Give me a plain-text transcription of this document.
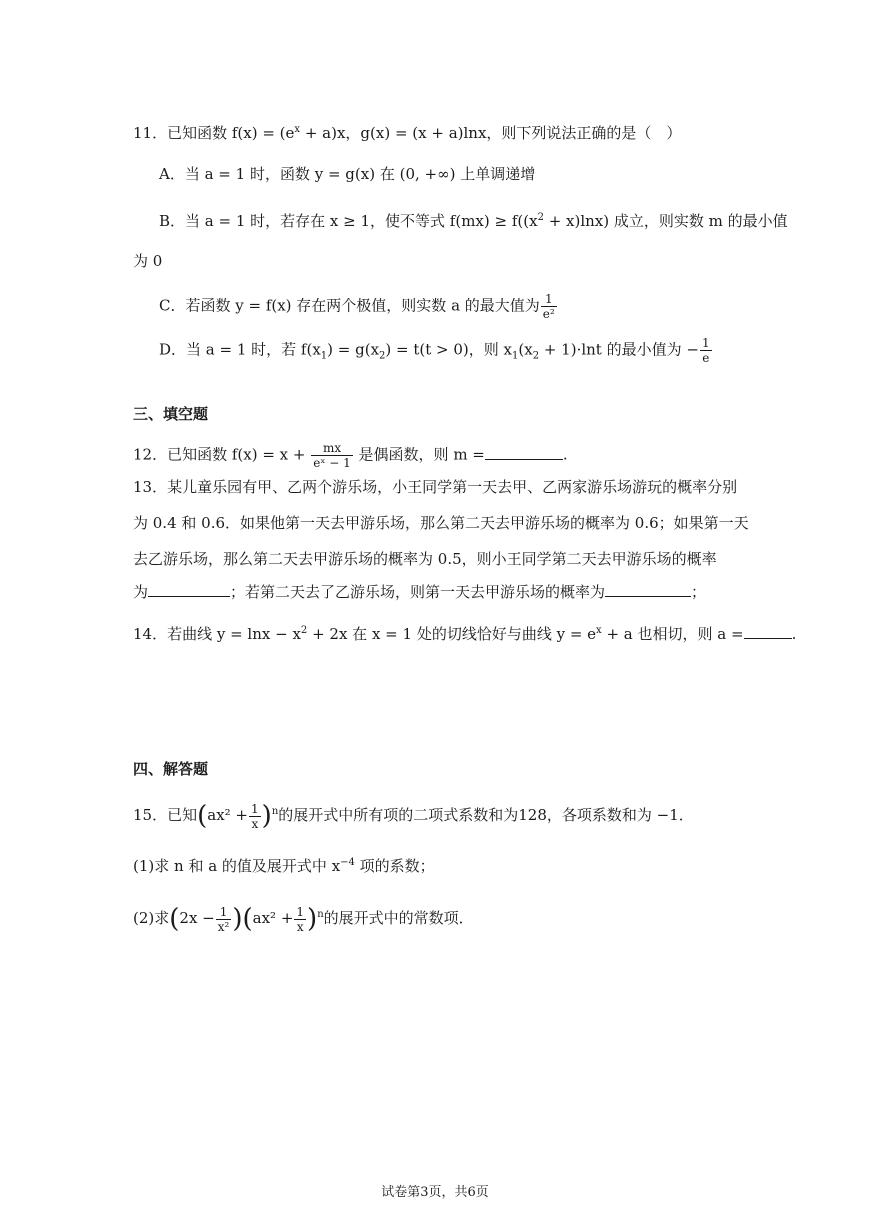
11．已知函数 $f(x) = (e^x + a)x$，g(x) = (x + a)lnx，则下列说法正确的是（　）
A．当 a = 1 时，函数 y = g(x) 在 (0, +∞) 上单调递增
B．当 a = 1 时，若存在 x ≥ 1，使不等式 $f(mx) \ge f((x^2 + x)\ln x)$ 成立，则实数 m 的最小值
为 0
C．若函数 y = f(x) 存在两个极值，则实数 a 的最大值为 $\frac{1}{\text{e²}}$
D．当 a = 1 时，若 $f(x_1) = g(x_2) = t(t > 0)$，则 $x_1(x_2 + 1)\cdot\ln t$ 的最小值为 − $\frac{1}{e}$
三、填空题
12．已知函数 $f(x) = x + \frac{mx}{\text{eˣ − 1}}$ 是偶函数，则 m =	.
13．某儿童乐园有甲、乙两个游乐场，小王同学第一天去甲、乙两家游乐场游玩的概率分别
为 0.4 和 0.6．如果他第一天去甲游乐场，那么第二天去甲游乐场的概率为 0.6；如果第一天
去乙游乐场，那么第二天去甲游乐场的概率为 0.5，则小王同学第二天去甲游乐场的概率
为	；若第二天去了乙游乐场，则第一天去甲游乐场的概率为	；
14．若曲线 $y = \ln x - x^2 + 2x$ 在 x = 1 处的切线恰好与曲线 $y = e^x + a$ 也相切，则 a =	.
四、解答题
15．已知$(ax^2 + \frac{1}{x} )^n$的展开式中所有项的二项式系数和为128，各项系数和为 −1．
(1)求 n 和 a 的值及展开式中 $x^{-4}$ 项的系数；
(2)求$(2x - \frac{1}{\text{x²}} )(ax^2 + \frac{1}{x} )^n$的展开式中的常数项．
试卷第3页，共6页
